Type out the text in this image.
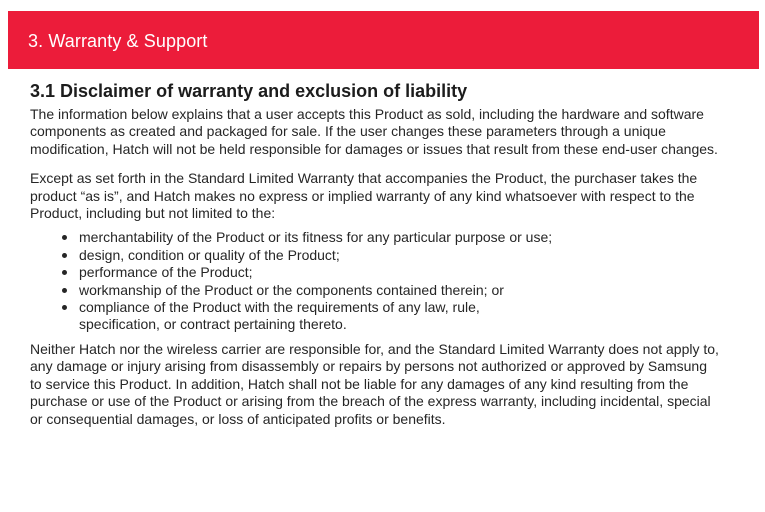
3. Warranty & Support
3.1 Disclaimer of warranty and exclusion of liability

The information below explains that a user accepts this Product as sold, including the hardware and software components as created and packaged for sale. If the user changes these parameters through a unique modification, Hatch will not be held responsible for damages or issues that result from these end-user changes.

Except as set forth in the Standard Limited Warranty that accompanies the Product, the purchaser takes the product “as is”, and Hatch makes no express or implied warranty of any kind whatsoever with respect to the Product, including but not limited to the:

merchantability of the Product or its fitness for any particular purpose or use;
design, condition or quality of the Product;
performance of the Product;
workmanship of the Product or the components contained therein; or
compliance of the Product with the requirements of any law, rule, specification, or contract pertaining thereto.

Neither Hatch nor the wireless carrier are responsible for, and the Standard Limited Warranty does not apply to, any damage or injury arising from disassembly or repairs by persons not authorized or approved by Samsung to service this Product. In addition, Hatch shall not be liable for any damages of any kind resulting from the purchase or use of the Product or arising from the breach of the express warranty, including incidental, special or consequential damages, or loss of anticipated profits or benefits.
